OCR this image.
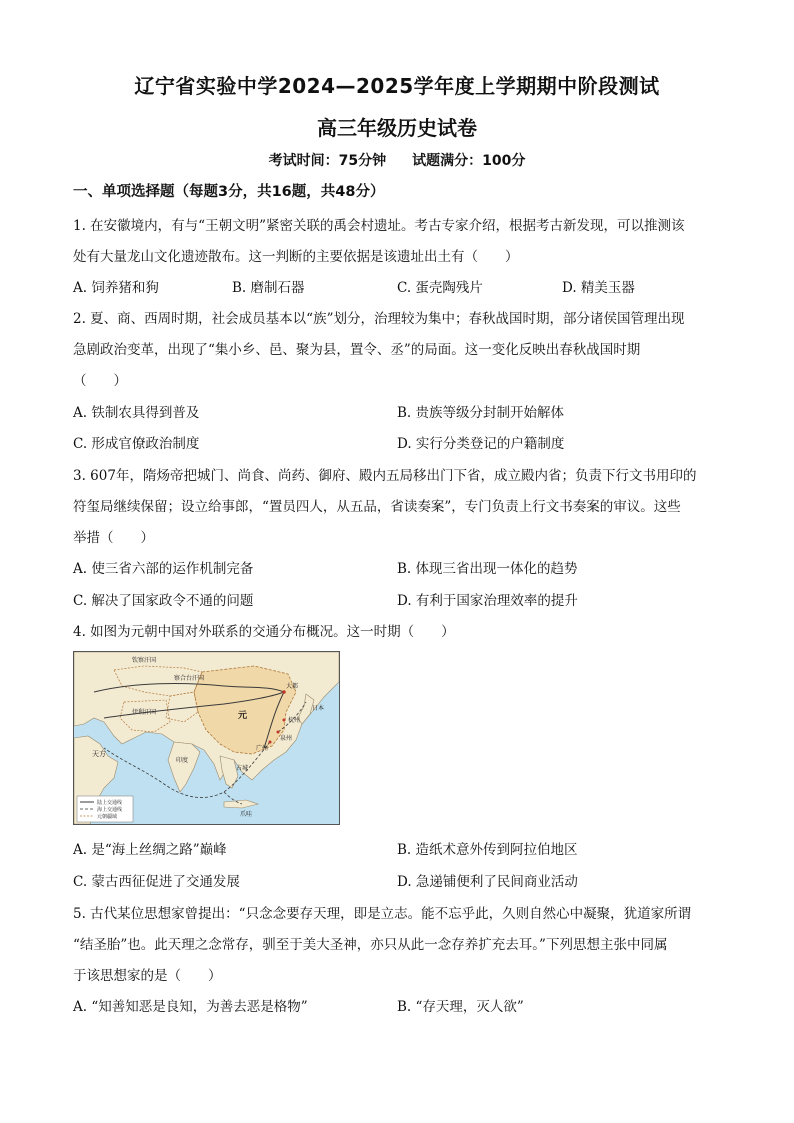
辽宁省实验中学2024—2025学年度上学期期中阶段测试
高三年级历史试卷
考试时间：75分钟 试题满分：100分
一、单项选择题（每题3分，共16题，共48分）
1. 在安徽境内，有与“王朝文明”紧密关联的禹会村遗址。考古专家介绍，根据考古新发现，可以推测该
处有大量龙山文化遗迹散布。这一判断的主要依据是该遗址出土有（　　）
A. 饲养猪和狗	B. 磨制石器	C. 蛋壳陶残片	D. 精美玉器
2. 夏、商、西周时期，社会成员基本以“族”划分，治理较为集中；春秋战国时期，部分诸侯国管理出现
急剧政治变革，出现了“集小乡、邑、聚为县，置令、丞”的局面。这一变化反映出春秋战国时期
（　　）
A. 铁制农具得到普及	B. 贵族等级分封制开始解体
C. 形成官僚政治制度	D. 实行分类登记的户籍制度
3. 607年，隋炀帝把城门、尚食、尚药、御府、殿内五局移出门下省，成立殿内省；负责下行文书用印的
符玺局继续保留；设立给事郎，“置员四人，从五品，省读奏案”，专门负责上行文书奏案的审议。这些
举措（　　）
A. 使三省六部的运作机制完备	B. 体现三省出现一体化的趋势
C. 解决了国家政令不通的问题	D. 有利于国家治理效率的提升
4. 如图为元朝中国对外联系的交通分布概况。这一时期（　　）
钦察汗国
察合台汗国
伊利汗国
大都
元
日本
天方
印度
占城
爪哇
广州
泉州
杭州
陆上交通线
海上交通线
元朝疆域
A. 是“海上丝绸之路”巅峰	B. 造纸术意外传到阿拉伯地区
C. 蒙古西征促进了交通发展	D. 急递铺便利了民间商业活动
5. 古代某位思想家曾提出：“只念念要存天理，即是立志。能不忘乎此，久则自然心中凝聚，犹道家所谓
“结圣胎”也。此天理之念常存，驯至于美大圣神，亦只从此一念存养扩充去耳。”下列思想主张中同属
于该思想家的是（　　）
A. “知善知恶是良知，为善去恶是格物”	B. “存天理，灭人欲”
